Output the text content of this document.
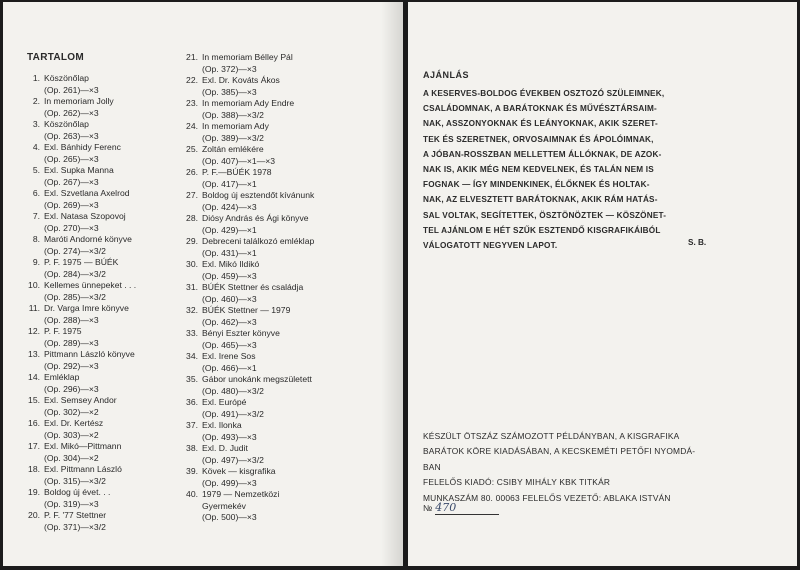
TARTALOM
1. Köszönőlap
(Op. 261)—×3
2. In memoriam Jolly
(Op. 262)—×3
3. Köszönőlap
(Op. 263)—×3
4. Exl. Bánhidy Ferenc
(Op. 265)—×3
5. Exl. Supka Manna
(Op. 267)—×3
6. Exl. Szvetlana Axelrod
(Op. 269)—×3
7. Exl. Natasa Szopovoj
(Op. 270)—×3
8. Maróti Andorné könyve
(Op. 274)—×3/2
9. P. F. 1975 — BÚÉK
(Op. 284)—×3/2
10. Kellemes ünnepeket . . .
(Op. 285)—×3/2
11. Dr. Varga Imre könyve
(Op. 288)—×3
12. P. F. 1975
(Op. 289)—×3
13. Pittmann László könyve
(Op. 292)—×3
14. Emléklap
(Op. 296)—×3
15. Exl. Semsey Andor
(Op. 302)—×2
16. Exl. Dr. Kertész
(Op. 303)—×2
17. Exl. Mikó—Pittmann
(Op. 304)—×2
18. Exl. Pittmann László
(Op. 315)—×3/2
19. Boldog új évet. . .
(Op. 319)—×3
20. P. F. '77 Stettner
(Op. 371)—×3/2
21. In memoriam Bélley Pál
(Op. 372)—×3
22. Exl. Dr. Kováts Ákos
(Op. 385)—×3
23. In memoriam Ady Endre
(Op. 388)—×3/2
24. In memoriam Ady
(Op. 389)—×3/2
25. Zoltán emlékére
(Op. 407)—×1—×3
26. P. F.—BÚÉK 1978
(Op. 417)—×1
27. Boldog új esztendőt kívánunk
(Op. 424)—×3
28. Diósy András és Ági könyve
(Op. 429)—×1
29. Debreceni találkozó emléklap
(Op. 431)—×1
30. Exl. Mikó Ildikó
(Op. 459)—×3
31. BÚÉK Stettner és családja
(Op. 460)—×3
32. BÚÉK Stettner — 1979
(Op. 462)—×3
33. Bényi Eszter könyve
(Op. 465)—×3
34. Exl. Irene Sos
(Op. 466)—×1
35. Gábor unokánk megszületett
(Op. 480)—×3/2
36. Exl. Európé
(Op. 491)—×3/2
37. Exl. Ilonka
(Op. 493)—×3
38. Exl. D. Judit
(Op. 497)—×3/2
39. Kövek — kisgrafika
(Op. 499)—×3
40. 1979 — Nemzetközi
Gyermekév
(Op. 500)—×3
AJÁNLÁS
A KESERVES-BOLDOG ÉVEKBEN OSZTOZÓ SZÜLEIMNEK,
CSALÁDOMNAK, A BARÁTOKNAK ÉS MŰVÉSZTÁRSAIM-
NAK, ASSZONYOKNAK ÉS LEÁNYOKNAK, AKIK SZERET-
TEK ÉS SZERETNEK, ORVOSAIMNAK ÉS ÁPOLÓIMNAK,
A JÓBAN-ROSSZBAN MELLETTEM ÁLLÓKNAK, DE AZOK-
NAK IS, AKIK MÉG NEM KEDVELNEK, ÉS TALÁN NEM IS
FOGNAK — ÍGY MINDENKINEK, ÉLŐKNEK ÉS HOLTAK-
NAK, AZ ELVESZTETT BARÁTOKNAK, AKIK RÁM HATÁS-
SAL VOLTAK, SEGÍTETTEK, ÖSZTÖNÖZTEK — KÖSZÖNET-
TEL AJÁNLOM E HÉT SZŰK ESZTENDŐ KISGRAFIKÁIBÓL
VÁLOGATOTT NEGYVEN LAPOT.	S. B.
KÉSZÜLT ÖTSZÁZ SZÁMOZOTT PÉLDÁNYBAN, A KISGRAFIKA
BARÁTOK KÖRE KIADÁSÁBAN, A KECSKEMÉTI PETŐFI NYOMDÁ-
BAN
FELELŐS KIADÓ: CSIBY MIHÁLY KBK TITKÁR
MUNKASZÁM 80. 00063 FELELŐS VEZETŐ: ABLAKA ISTVÁN
№ 470
